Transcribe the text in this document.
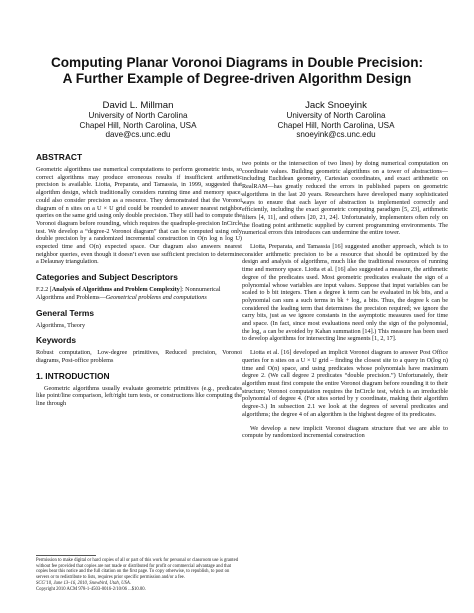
Computing Planar Voronoi Diagrams in Double Precision:
A Further Example of Degree-driven Algorithm Design
David L. Millman
University of North Carolina
Chapel Hill, North Carolina, USA
dave@cs.unc.edu
Jack Snoeyink
University of North Carolina
Chapel Hill, North Carolina, USA
snoeyink@cs.unc.edu
ABSTRACT

Geometric algorithms use numerical computations to perform geometric tests, so correct algorithms may produce erroneous results if insufficient arithmetic precision is available. Liotta, Preparata, and Tamassia, in 1999, suggested that algorithm design, which traditionally considers running time and memory space, could also consider precision as a resource. They demonstrated that the Voronoi diagram of n sites on a U × U grid could be rounded to answer nearest neighbor queries on the same grid using only double precision. They still had to compute the Voronoi diagram before rounding, which requires the quadruple-precision InCircle test. We develop a “degree-2 Voronoi diagram” that can be computed using only double precision by a randomized incremental construction in O(n log n log U) expected time and O(n) expected space. Our diagram also answers nearest neighbor queries, even though it doesn’t even use sufficient precision to determine a Delaunay triangulation.

Categories and Subject Descriptors

F.2.2 [Analysis of Algorithms and Problem Complexity]: Nonnumerical Algorithms and Problems—Geometrical problems and computations

General Terms

Algorithms, Theory

Keywords

Robust computation, Low-degree primitives, Reduced precision, Voronoi diagrams, Post-office problems

1. INTRODUCTION

Geometric algorithms usually evaluate geometric primitives (e.g., predicates like point/line comparison, left/right turn tests, or constructions like computing the line through

Permission to make digital or hard copies of all or part of this work for personal or classroom use is granted without fee provided that copies are not made or distributed for profit or commercial advantage and that copies bear this notice and the full citation on the first page. To copy otherwise, to republish, to post on servers or to redistribute to lists, requires prior specific permission and/or a fee.
SCG’10, June 13–16, 2010, Snowbird, Utah, USA.
Copyright 2010 ACM 978-1-4503-0016-2/10/06 ...$10.00.

two points or the intersection of two lines) by doing numerical computation on coordinate values. Building geometric algorithms on a tower of abstractions—including Euclidean geometry, Cartesian coordinates, and exact arithmetic on RealRAM—has greatly reduced the errors in published papers on geometric algorithms in the last 20 years. Researchers have developed many sophisticated ways to ensure that each layer of abstraction is implemented correctly and efficiently, including the exact geometric computing paradigm [5, 23], arithmetic filters [4, 11], and others [20, 21, 24]. Unfortunately, implementers often rely on the floating point arithmetic supplied by current programming environments. The numerical errors this introduces can undermine the entire tower.

Liotta, Preparata, and Tamassia [16] suggested another approach, which is to consider arithmetic precision to be a resource that should be optimized by the design and analysis of algorithms, much like the traditional resources of running time and memory space. Liotta et al. [16] also suggested a measure, the arithmetic degree of the predicates used. Most geometric predicates evaluate the sign of a polynomial whose variables are input values. Suppose that input variables can be scaled to b bit integers. Then a degree k term can be evaluated in bk bits, and a polynomial can sum a such terms in bk + log₂ a bits. Thus, the degree k can be considered the leading term that determines the precision required; we ignore the carry bits, just as we ignore constants in the asymptotic measures used for time and space. (In fact, since most evaluations need only the sign of the polynomial, the log₂ a can be avoided by Kahan summation [14].) This measure has been used to develop algorithms for intersecting line segments [1, 2, 17].

Liotta et al. [16] developed an implicit Voronoi diagram to answer Post Office queries for n sites on a U × U grid – finding the closest site to a query in O(log n) time and O(n) space, and using predicates whose polynomials have maximum degree 2. (We call degree 2 predicates “double precision.”) Unfortunately, their algorithm must first compute the entire Voronoi diagram before rounding it to their structure; Voronoi computation requires the InCircle test, which is an irreducible polynomial of degree 4. (For sites sorted by y coordinate, making their algorithm degree-3.) In subsection 2.1 we look at the degrees of several predicates and algorithms; the degree 4 of an algorithm is the highest degree of its predicates.

We develop a new implicit Voronoi diagram structure that we are able to compute by randomized incremental construction
